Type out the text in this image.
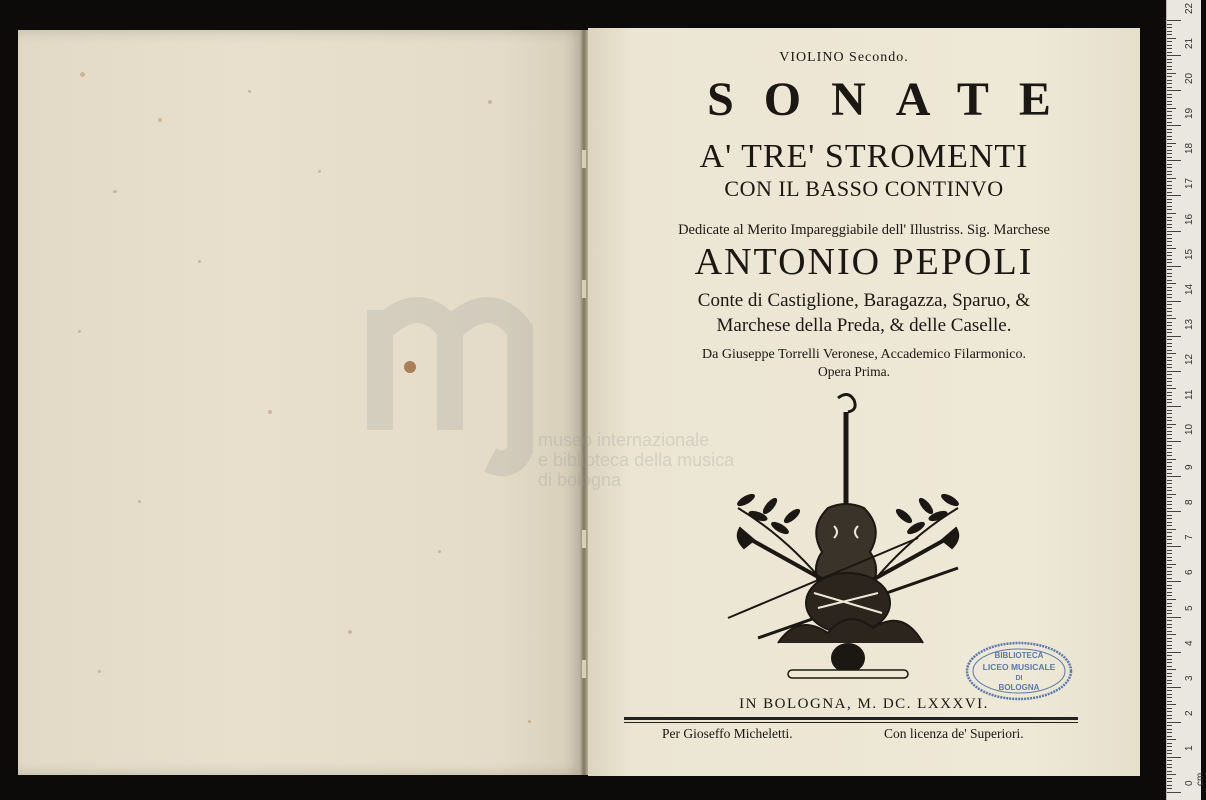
VIOLINO Secondo.
SONATE
A' TRE' STROMENTI
CON IL BASSO CONTINVO
Dedicate al Merito Impareggiabile dell' Illustriss. Sig. Marchese
ANTONIO PEPOLI
Conte di Castiglione, Baragazza, Sparuo, &
Marchese della Preda, & delle Caselle.
Da Giuseppe Torrelli Veronese, Accademico Filarmonico.
Opera Prima.
BIBLIOTECA
LICEO MUSICALE
DI
BOLOGNA
IN BOLOGNA, M. DC. LXXXVI.
Per Gioseffo Micheletti.	Con licenza de' Superiori.
museo internazionale
e biblioteca della musica
di bologna
0 cm
1
2
3
4
5
6
7
8
9
10
11
12
13
14
15
16
17
18
19
20
21
22
